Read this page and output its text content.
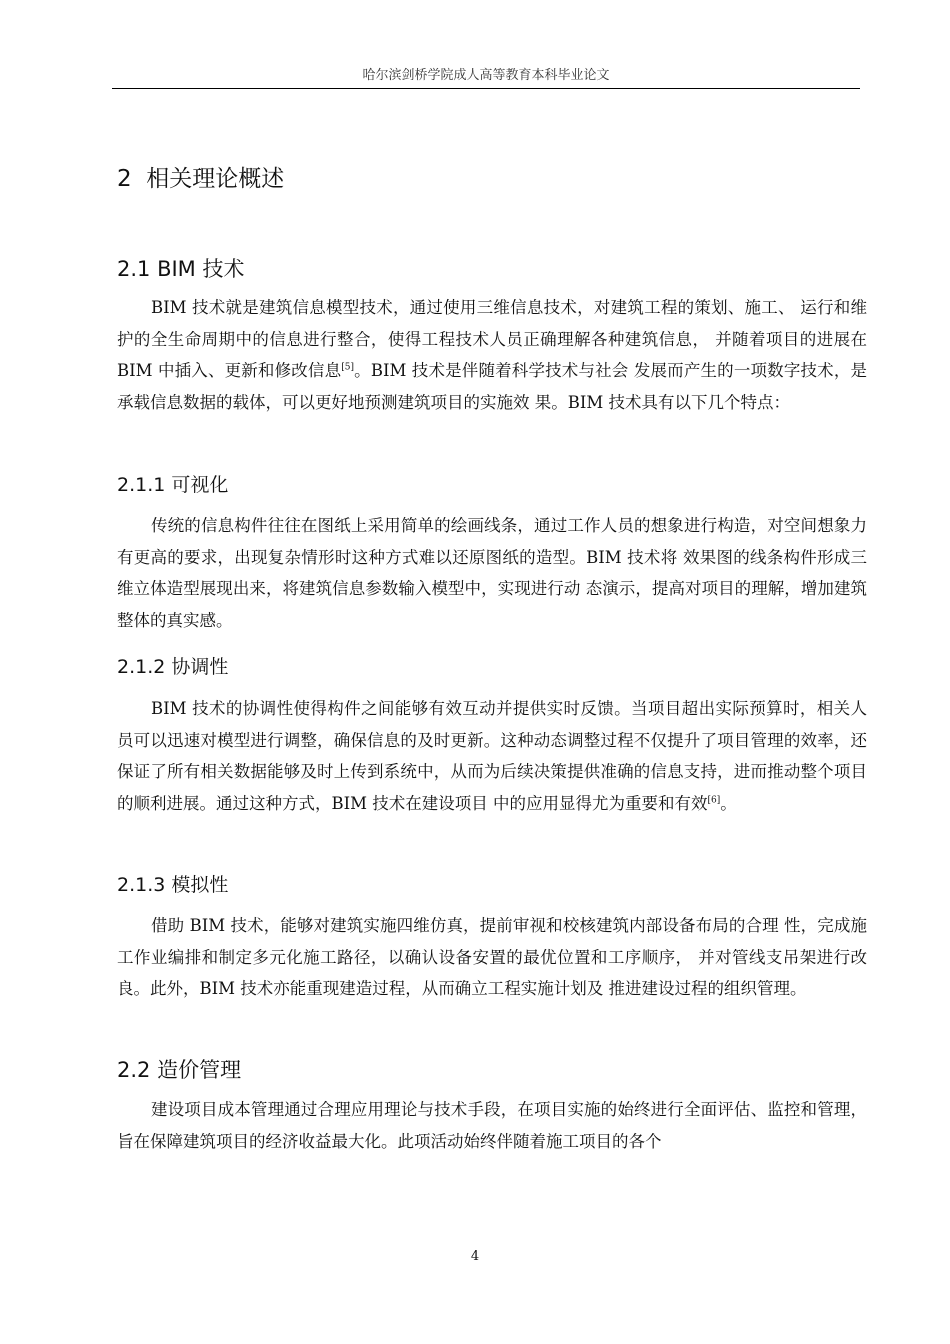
哈尔滨剑桥学院成人高等教育本科毕业论文
2 相关理论概述
2.1 BIM 技术

BIM 技术就是建筑信息模型技术，通过使用三维信息技术，对建筑工程的策划、施工、 运行和维护的全生命周期中的信息进行整合，使得工程技术人员正确理解各种建筑信息， 并随着项目的进展在 BIM 中插入、更新和修改信息[5]。BIM 技术是伴随着科学技术与社会 发展而产生的一项数字技术，是承载信息数据的载体，可以更好地预测建筑项目的实施效 果。BIM 技术具有以下几个特点：

2.1.1 可视化

传统的信息构件往往在图纸上采用简单的绘画线条，通过工作人员的想象进行构造，对空间想象力有更高的要求，出现复杂情形时这种方式难以还原图纸的造型。BIM 技术将 效果图的线条构件形成三维立体造型展现出来，将建筑信息参数输入模型中，实现进行动 态演示，提高对项目的理解，增加建筑整体的真实感。

2.1.2 协调性

BIM 技术的协调性使得构件之间能够有效互动并提供实时反馈。当项目超出实际预算时，相关人员可以迅速对模型进行调整，确保信息的及时更新。这种动态调整过程不仅提升了项目管理的效率，还保证了所有相关数据能够及时上传到系统中，从而为后续决策提供准确的信息支持，进而推动整个项目的顺利进展。通过这种方式，BIM 技术在建设项目 中的应用显得尤为重要和有效[6]。

2.1.3 模拟性

借助 BIM 技术，能够对建筑实施四维仿真，提前审视和校核建筑内部设备布局的合理 性，完成施工作业编排和制定多元化施工路径，以确认设备安置的最优位置和工序顺序， 并对管线支吊架进行改良。此外，BIM 技术亦能重现建造过程，从而确立工程实施计划及 推进建设过程的组织管理。

2.2 造价管理

建设项目成本管理通过合理应用理论与技术手段，在项目实施的始终进行全面评估、监控和管理，旨在保障建筑项目的经济收益最大化。此项活动始终伴随着施工项目的各个

4
